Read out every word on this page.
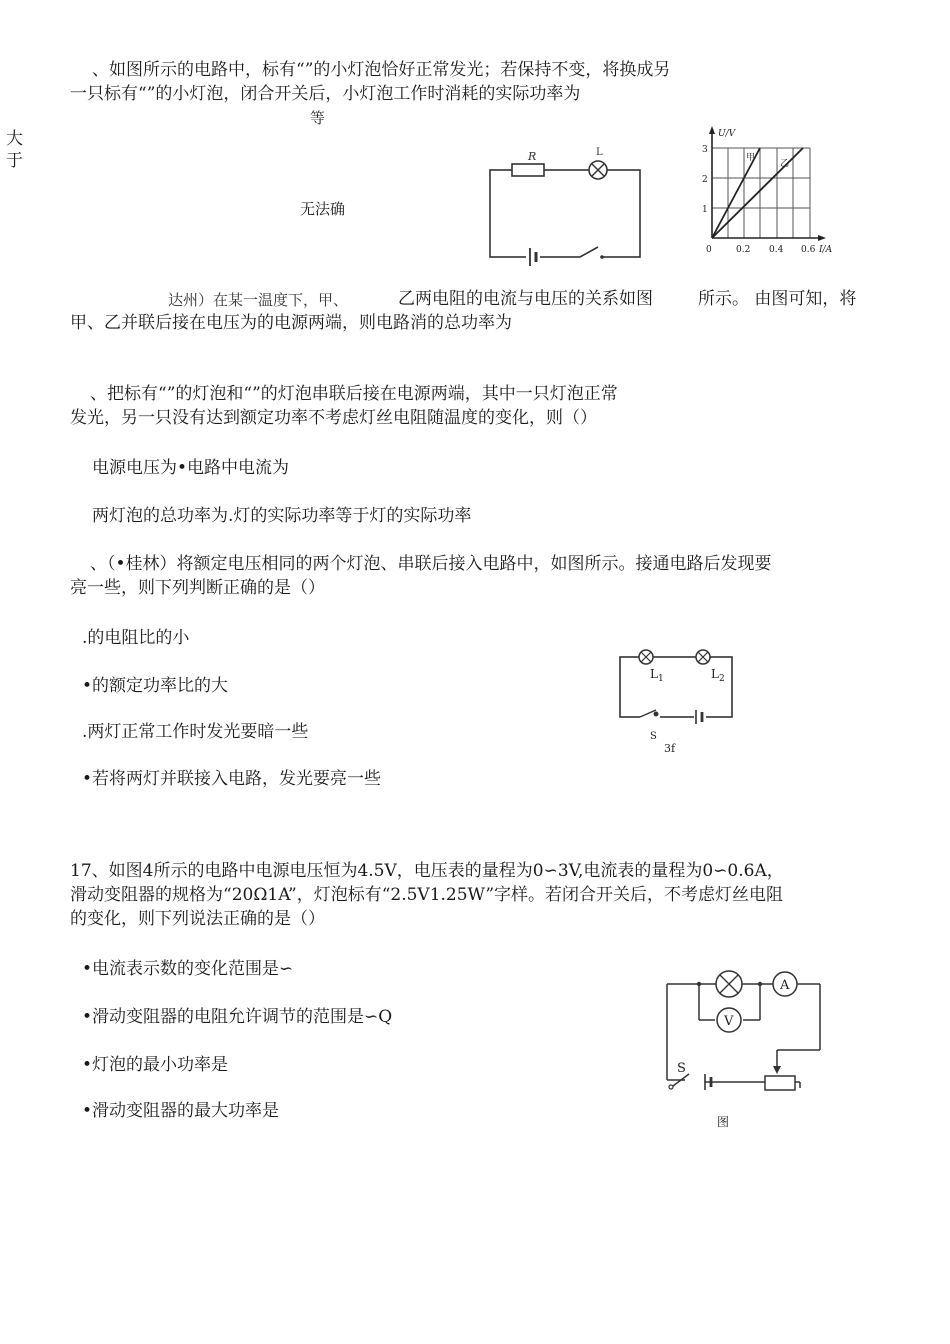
、如图所示的电路中，标有“”的小灯泡恰好正常发光；若保持不变，将换成另
一只标有“”的小灯泡，闭合开关后，小灯泡工作时消耗的实际功率为
大
于
等
无法确
R	L
U/V
I/A
1
2
3
0	0.2 0.4 0.6
甲
乙
达州）在某一温度下，甲、	乙两电阻的电流与电压的关系如图	所示。 由图可知，将
甲、乙并联后接在电压为的电源两端，则电路消的总功率为
、把标有“”的灯泡和“”的灯泡串联后接在电源两端，其中一只灯泡正常
发光，另一只没有达到额定功率不考虑灯丝电阻随温度的变化，则（）
电源电压为•电路中电流为
两灯泡的总功率为.灯的实际功率等于灯的实际功率
、（•桂林）将额定电压相同的两个灯泡、串联后接入电路中，如图所示。接通电路后发现要
亮一些，则下列判断正确的是（）
.的电阻比的小
•的额定功率比的大
.两灯正常工作时发光要暗一些
•若将两灯并联接入电路，发光要亮一些
L 1	L 2
S
3f
17、如图4所示的电路中电源电压恒为4.5V，电压表的量程为0∽3V,电流表的量程为0∽0.6A，
滑动变阻器的规格为“20Ω1A”，灯泡标有“2.5V1.25W”字样。若闭合开关后，不考虑灯丝电阻
的变化，则下列说法正确的是（）
•电流表示数的变化范围是∽
•滑动变阻器的电阻允许调节的范围是∽Q
•灯泡的最小功率是
•滑动变阻器的最大功率是
A
V
S
图
